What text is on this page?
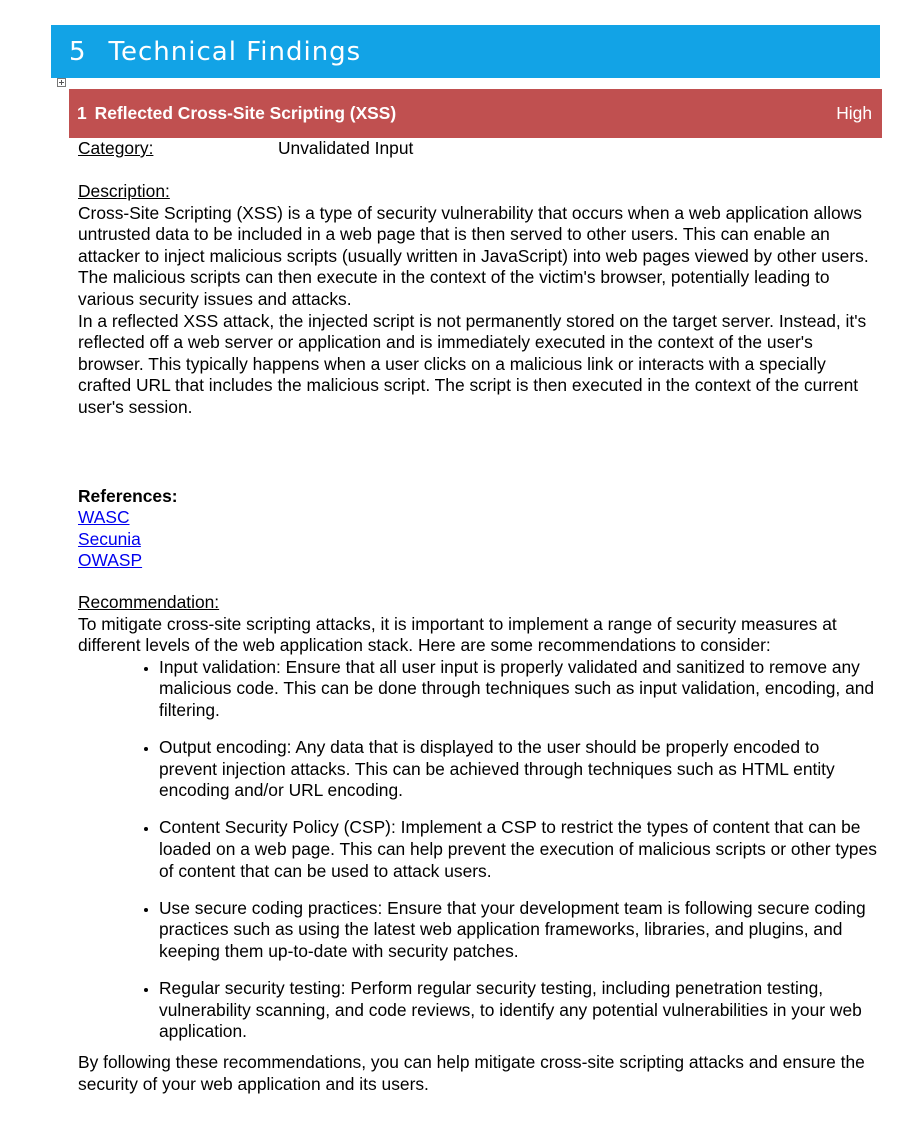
5 Technical Findings
1 Reflected Cross-Site Scripting (XSS)	High
Category:	Unvalidated Input

Description:

Cross-Site Scripting (XSS) is a type of security vulnerability that occurs when a web application allows untrusted data to be included in a web page that is then served to other users. This can enable an attacker to inject malicious scripts (usually written in JavaScript) into web pages viewed by other users. The malicious scripts can then execute in the context of the victim's browser, potentially leading to various security issues and attacks.

In a reflected XSS attack, the injected script is not permanently stored on the target server. Instead, it's reflected off a web server or application and is immediately executed in the context of the user's browser. This typically happens when a user clicks on a malicious link or interacts with a specially crafted URL that includes the malicious script. The script is then executed in the context of the current user's session.

References:

WASC
Secunia
OWASP

Recommendation:

To mitigate cross-site scripting attacks, it is important to implement a range of security measures at different levels of the web application stack. Here are some recommendations to consider:

• Input validation: Ensure that all user input is properly validated and sanitized to remove any malicious code. This can be done through techniques such as input validation, encoding, and filtering.
• Output encoding: Any data that is displayed to the user should be properly encoded to prevent injection attacks. This can be achieved through techniques such as HTML entity encoding and/or URL encoding.
• Content Security Policy (CSP): Implement a CSP to restrict the types of content that can be loaded on a web page. This can help prevent the execution of malicious scripts or other types of content that can be used to attack users.
• Use secure coding practices: Ensure that your development team is following secure coding practices such as using the latest web application frameworks, libraries, and plugins, and keeping them up-to-date with security patches.
• Regular security testing: Perform regular security testing, including penetration testing, vulnerability scanning, and code reviews, to identify any potential vulnerabilities in your web application.

By following these recommendations, you can help mitigate cross-site scripting attacks and ensure the security of your web application and its users.
